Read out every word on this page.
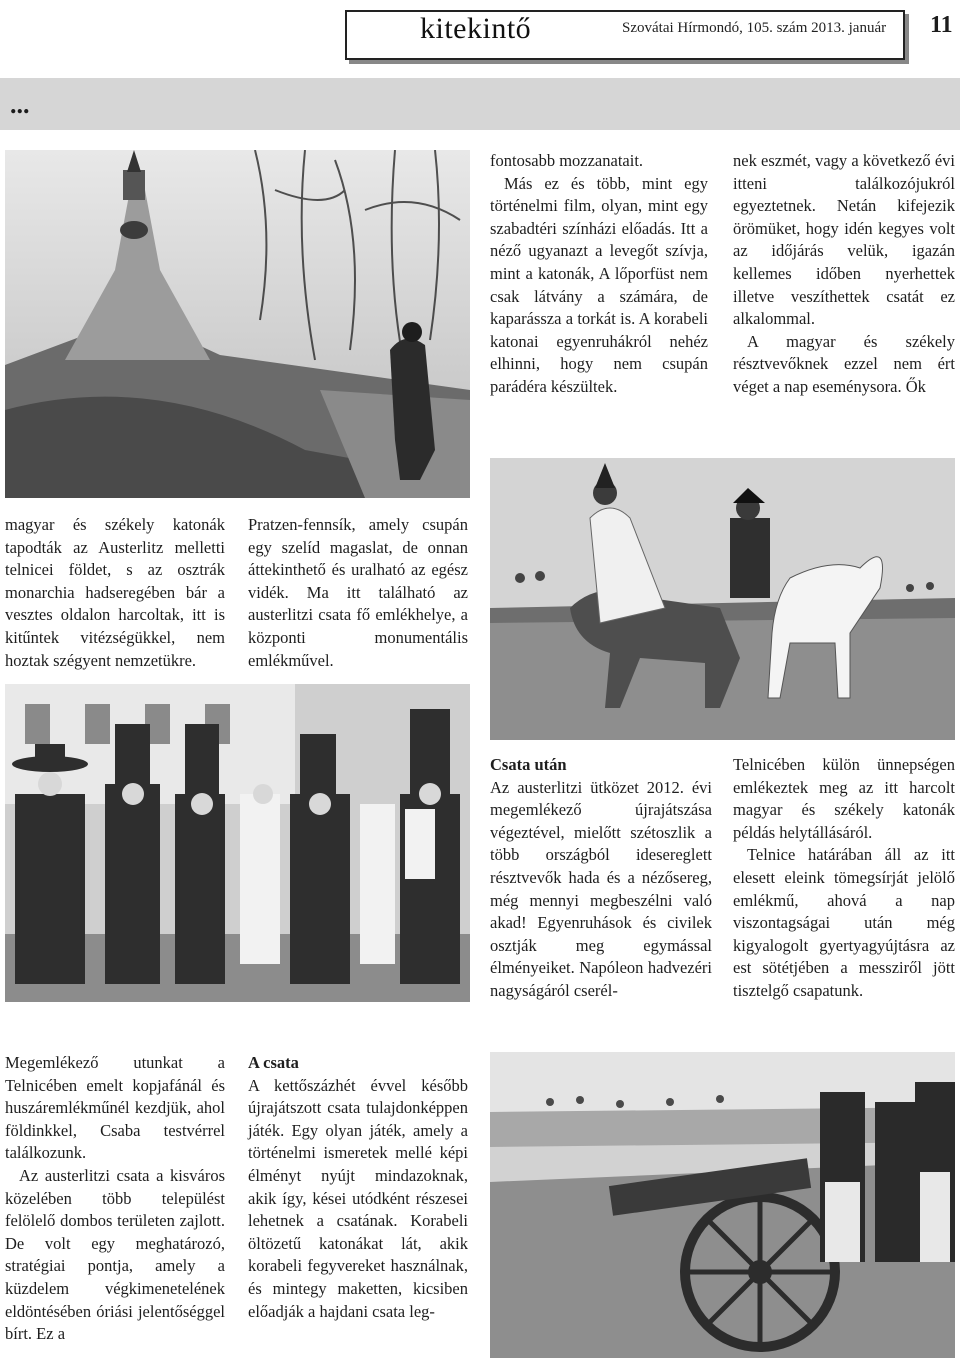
kitekintő	Szovátai Hírmondó, 105. szám 2013. január 11
...

fontosabb mozzanatait.

Más ez és több, mint egy történelmi film, olyan, mint egy szabadtéri színházi előadás. Itt a néző ugyanazt a levegőt szívja, mint a katonák, A lőporfüst nem csak látvány a számára, de kaparássza a torkát is. A korabeli katonai egyenruhákról nehéz elhinni, hogy nem csupán parádéra készültek.

nek eszmét, vagy a következő évi itteni találkozójukról egyeztetnek. Netán kifejezik örömüket, hogy idén kegyes volt az időjárás velük, igazán kellemes időben nyerhettek illetve veszíthettek csatát ez alkalommal.

A magyar és székely résztvevőknek ezzel nem ért véget a nap eseménysora. Ők

magyar és székely katonák tapodták az Austerlitz melletti telnicei földet, s az osztrák monarchia hadseregében bár a vesztes oldalon harcoltak, itt is kitűntek vitézségükkel, nem hoztak szégyent nemzetükre.

Pratzen-fennsík, amely csupán egy szelíd magaslat, de onnan áttekinthető és uralható az egész vidék. Ma itt található az austerlitzi csata fő emlékhelye, a központi monumentális emlékművel.

Csata után

Az austerlitzi ütközet 2012. évi megemlékező újrajátszása végeztével, mielőtt szétoszlik a több országból idesereglett résztvevők hada és a nézősereg, még mennyi megbeszélni való akad! Egyenruhások és civilek osztják meg egymással élményeiket. Napóleon hadvezéri nagyságáról cserél-

Telnicében külön ünnepségen emlékeztek meg az itt harcolt magyar és székely katonák példás helytállásáról.

Telnice határában áll az itt elesett eleink tömegsírját jelölő emlékmű, ahová a nap viszontagságai után még kigyalogolt gyertyagyújtásra az est sötétjében a messziről jött tisztelgő csapatunk.

Megemlékező utunkat a Telnicében emelt kopjafánál és huszáremlékműnél kezdjük, ahol földinkkel, Csaba testvérrel találkozunk.

Az austerlitzi csata a kisváros közelében több települést felölelő dombos területen zajlott. De volt egy meghatározó, stratégiai pontja, amely a küzdelem végkimenetelének eldöntésében óriási jelentőséggel bírt. Ez a

A csata

A kettőszázhét évvel később újrajátszott csata tulajdonképpen játék. Egy olyan játék, amely a történelmi ismeretek mellé képi élményt nyújt mindazoknak, akik így, kései utódként részesei lehetnek a csatának. Korabeli öltözetű katonákat lát, akik korabeli fegyvereket használnak, és mintegy maketten, kicsiben előadják a hajdani csata leg-
